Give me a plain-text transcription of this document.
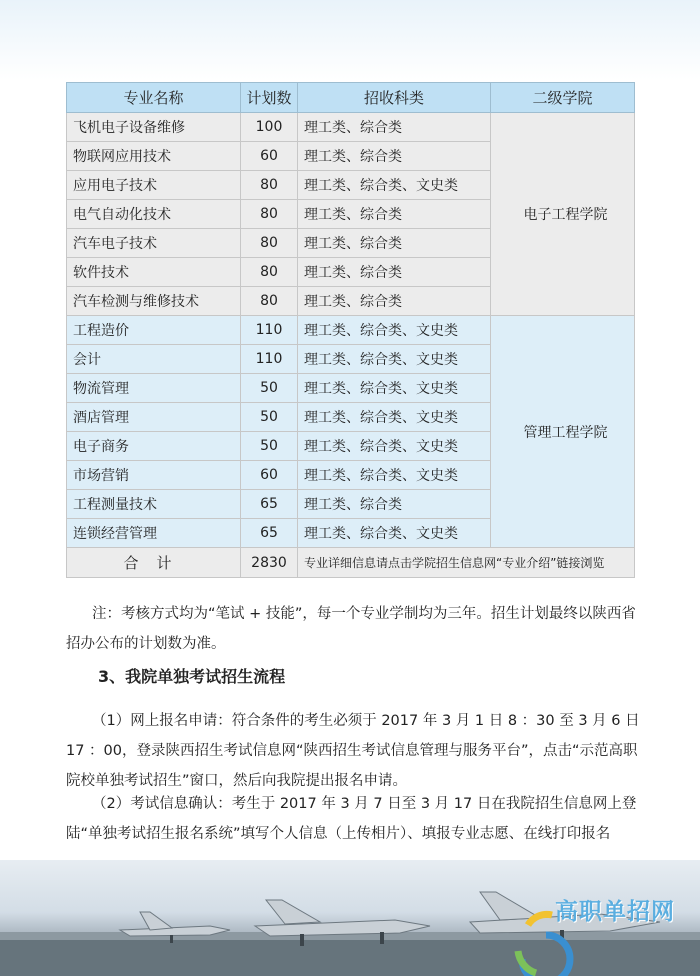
专业名称	计划数	招收科类	二级学院
飞机电子设备维修	100	理工类、综合类	电子工程学院
物联网应用技术	60	理工类、综合类	
应用电子技术	80	理工类、综合类、文史类	
电气自动化技术	80	理工类、综合类	
汽车电子技术	80	理工类、综合类	
软件技术	80	理工类、综合类	
汽车检测与维修技术	80	理工类、综合类	
工程造价	110	理工类、综合类、文史类	管理工程学院
会计	110	理工类、综合类、文史类	
物流管理	50	理工类、综合类、文史类	
酒店管理	50	理工类、综合类、文史类	
电子商务	50	理工类、综合类、文史类	
市场营销	60	理工类、综合类、文史类	
工程测量技术	65	理工类、综合类	
连锁经营管理	65	理工类、综合类、文史类	
合计	2830	专业详细信息请点击学院招生信息网“专业介绍”链接浏览	
注：考核方式均为“笔试 + 技能”，每一个专业学制均为三年。招生计划最终以陕西省招办公布的计划数为准。
3、我院单独考试招生流程
（1）网上报名申请：符合条件的考生必须于 2017 年 3 月 1 日 8 ：30 至 3 月 6 日 17 ：00，登录陕西招生考试信息网“陕西招生考试信息管理与服务平台”，点击“示范高职院校单独考试招生”窗口，然后向我院提出报名申请。
（2）考试信息确认：考生于 2017 年 3 月 7 日至 3 月 17 日在我院招生信息网上登陆“单独考试招生报名系统”填写个人信息（上传相片）、填报专业志愿、在线打印报名
高职单招网
